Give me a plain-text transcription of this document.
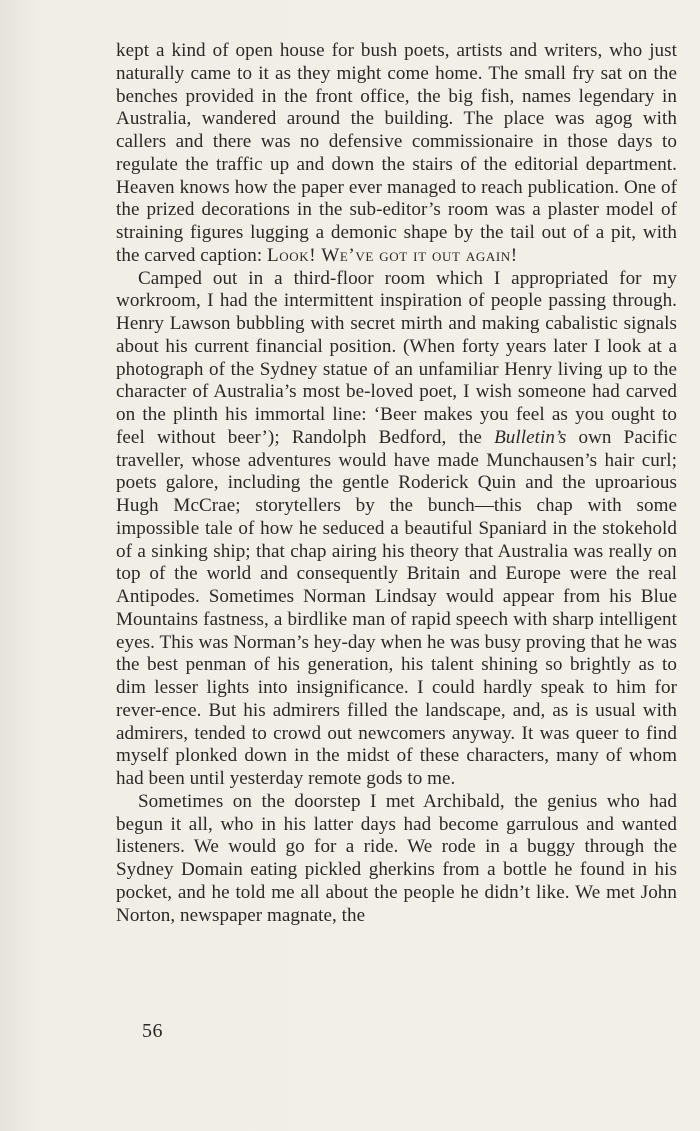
kept a kind of open house for bush poets, artists and writers, who just naturally came to it as they might come home. The small fry sat on the benches provided in the front office, the big fish, names legendary in Australia, wandered around the building. The place was agog with callers and there was no defensive commissionaire in those days to regulate the traffic up and down the stairs of the editorial department. Heaven knows how the paper ever managed to reach publication. One of the prized decorations in the sub-editor’s room was a plaster model of straining figures lugging a demonic shape by the tail out of a pit, with the carved caption: Look! We’ve got it out again!

Camped out in a third-floor room which I appropriated for my workroom, I had the intermittent inspiration of people passing through. Henry Lawson bubbling with secret mirth and making cabalistic signals about his current financial position. (When forty years later I look at a photograph of the Sydney statue of an unfamiliar Henry living up to the character of Australia’s most be-loved poet, I wish someone had carved on the plinth his immortal line: ‘Beer makes you feel as you ought to feel without beer’); Randolph Bedford, the Bulletin’s own Pacific traveller, whose adventures would have made Munchausen’s hair curl; poets galore, including the gentle Roderick Quin and the uproarious Hugh McCrae; storytellers by the bunch—this chap with some impossible tale of how he seduced a beautiful Spaniard in the stokehold of a sinking ship; that chap airing his theory that Australia was really on top of the world and consequently Britain and Europe were the real Antipodes. Sometimes Norman Lindsay would appear from his Blue Mountains fastness, a birdlike man of rapid speech with sharp intelligent eyes. This was Norman’s hey-day when he was busy proving that he was the best penman of his generation, his talent shining so brightly as to dim lesser lights into insignificance. I could hardly speak to him for rever-ence. But his admirers filled the landscape, and, as is usual with admirers, tended to crowd out newcomers anyway. It was queer to find myself plonked down in the midst of these characters, many of whom had been until yesterday remote gods to me.

Sometimes on the doorstep I met Archibald, the genius who had begun it all, who in his latter days had become garrulous and wanted listeners. We would go for a ride. We rode in a buggy through the Sydney Domain eating pickled gherkins from a bottle he found in his pocket, and he told me all about the people he didn’t like. We met John Norton, newspaper magnate, the

56
